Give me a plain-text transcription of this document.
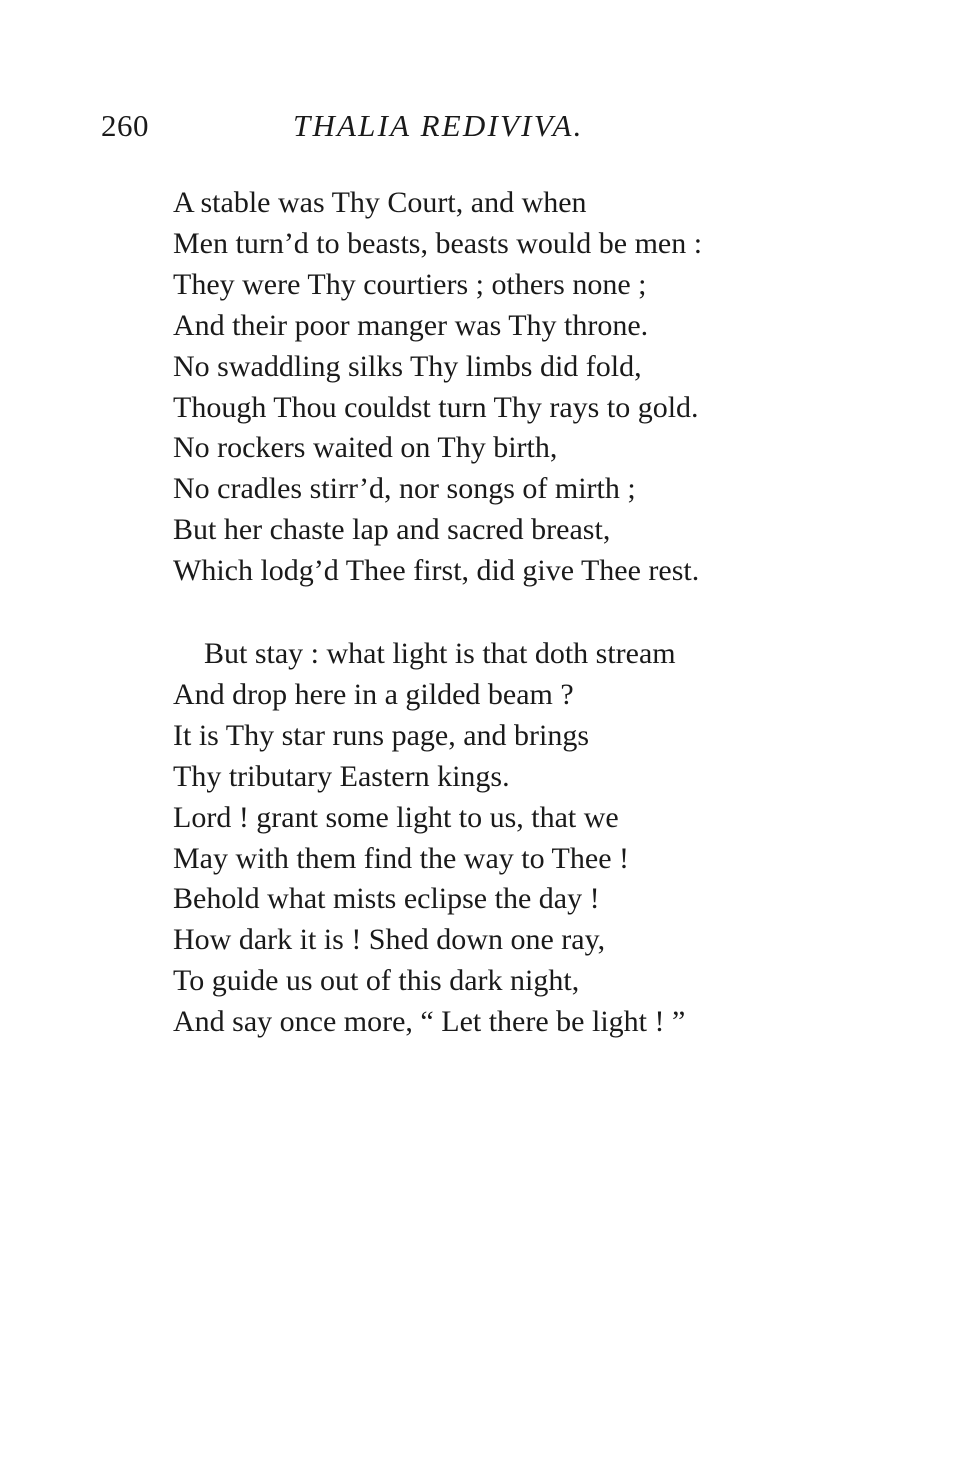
260	THALIA REDIVIVA.
A stable was Thy Court, and when
Men turn’d to beasts, beasts would be men :
They were Thy courtiers ; others none ;
And their poor manger was Thy throne.
No swaddling silks Thy limbs did fold,
Though Thou couldst turn Thy rays to gold.
No rockers waited on Thy birth,
No cradles stirr’d, nor songs of mirth ;
But her chaste lap and sacred breast,
Which lodg’d Thee first, did give Thee rest.
But stay : what light is that doth stream
And drop here in a gilded beam ?
It is Thy star runs page, and brings
Thy tributary Eastern kings.
Lord ! grant some light to us, that we
May with them find the way to Thee !
Behold what mists eclipse the day !
How dark it is ! Shed down one ray,
To guide us out of this dark night,
And say once more, “ Let there be light ! ”
